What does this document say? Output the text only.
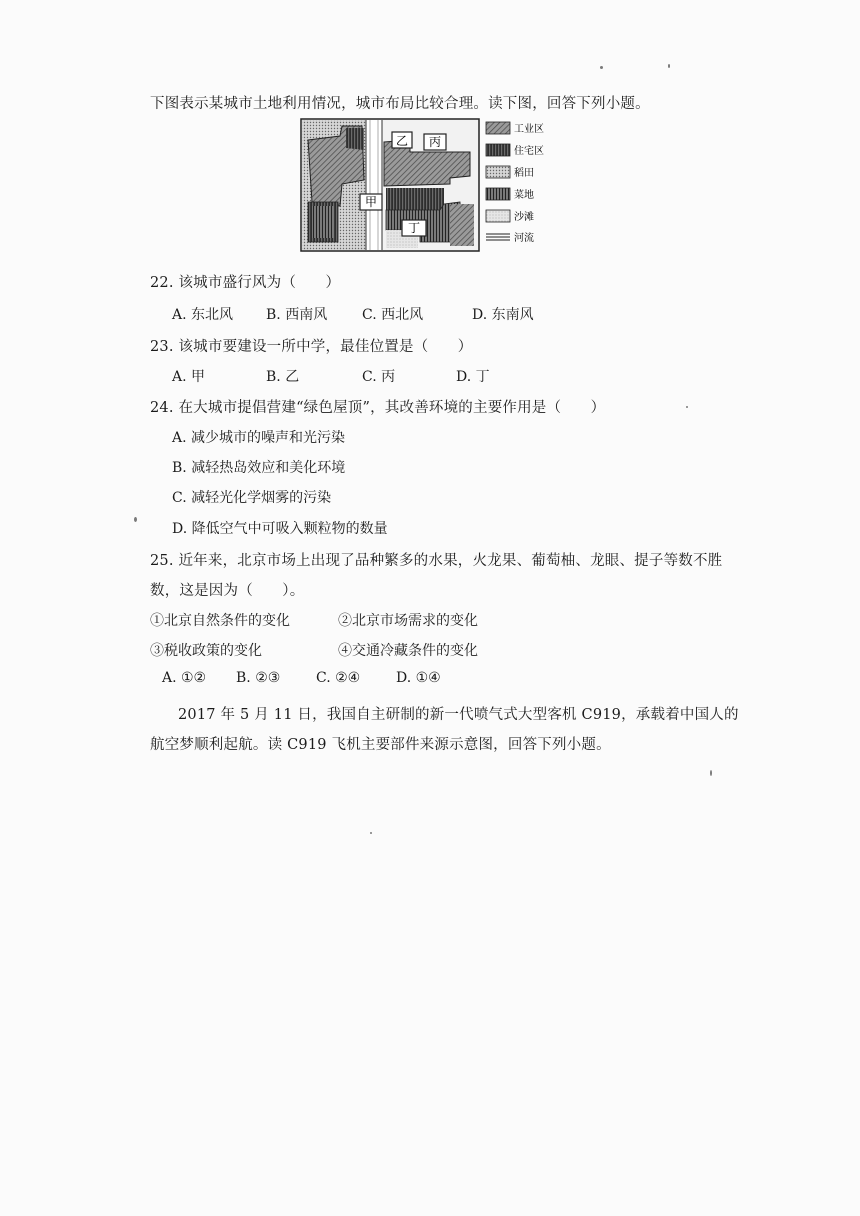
下图表示某城市土地利用情况，城市布局比较合理。读下图，回答下列小题。
乙 丙
甲
丁
工业区
住宅区
稻田
菜地
沙滩
河流
22. 该城市盛行风为（　　）
A. 东北风 B. 西南风 C. 西北风	D. 东南风
23. 该城市要建设一所中学，最佳位置是（　　）
A. 甲	B. 乙	C. 丙	D. 丁
24. 在大城市提倡营建“绿色屋顶”，其改善环境的主要作用是（　　）
A. 减少城市的噪声和光污染
B. 减轻热岛效应和美化环境
C. 减轻光化学烟雾的污染
D. 降低空气中可吸入颗粒物的数量
25. 近年来，北京市场上出现了品种繁多的水果，火龙果、葡萄柚、龙眼、提子等数不胜
数，这是因为（　　）。
①北京自然条件的变化	②北京市场需求的变化
③税收政策的变化	④交通冷藏条件的变化
A. ①② B. ②③	C. ②④	D. ①④
2017 年 5 月 11 日，我国自主研制的新一代喷气式大型客机 C919，承载着中国人的
航空梦顺利起航。读 C919 飞机主要部件来源示意图，回答下列小题。
